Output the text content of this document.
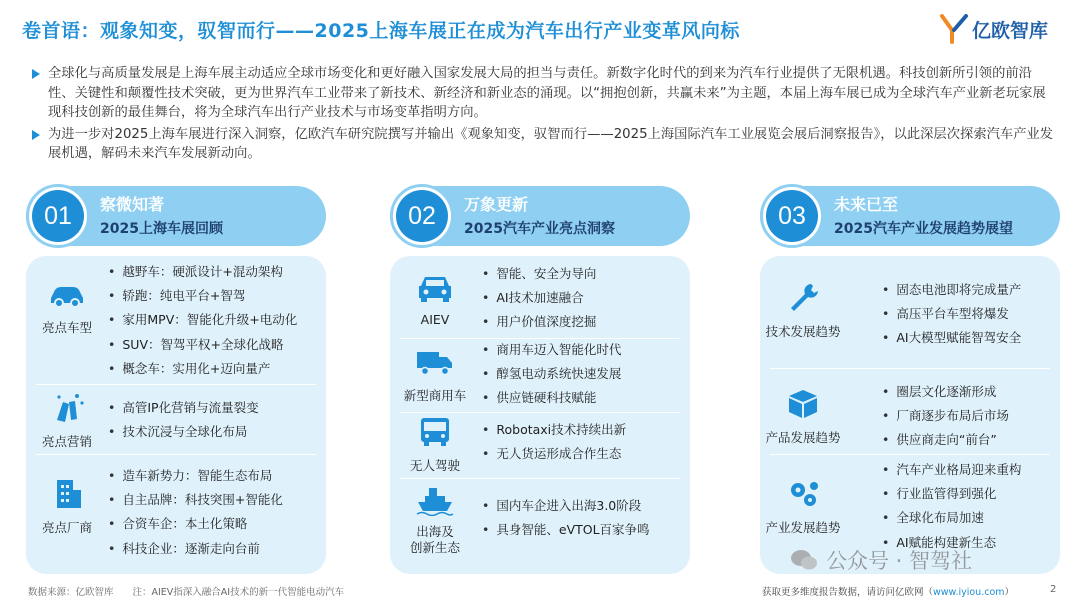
卷首语：观象知变，驭智而行——2025上海车展正在成为汽车出行产业变革风向标	亿欧智库

全球化与高质量发展是上海车展主动适应全球市场变化和更好融入国家发展大局的担当与责任。新数字化时代的到来为汽车行业提供了无限机遇。科技创新所引领的前沿性、关键性和颠覆性技术突破，更为世界汽车工业带来了新技术、新经济和新业态的涌现。以“拥抱创新，共赢未来”为主题，本届上海车展已成为全球汽车产业新老玩家展现科技创新的最佳舞台，将为全球汽车出行产业技术与市场变革指明方向。

为进一步对2025上海车展进行深入洞察，亿欧汽车研究院撰写并输出《观象知变，驭智而行——2025上海国际汽车工业展览会展后洞察报告》，以此深层次探索汽车产业发展机遇，解码未来汽车发展新动向。

01	察微知著
2025上海车展回顾
亮点车型
• 越野车：硬派设计+混动架构
• 轿跑：纯电平台+智驾
• 家用MPV：智能化升级+电动化
• SUV：智驾平权+全球化战略
• 概念车：实用化+迈向量产
亮点营销
• 高管IP化营销与流量裂变
• 技术沉浸与全球化布局
亮点厂商
• 造车新势力：智能生态布局
• 自主品牌：科技突围+智能化
• 合资车企：本土化策略
• 科技企业：逐渐走向台前
02	万象更新
2025汽车产业亮点洞察
AIEV
• 智能、安全为导向
• AI技术加速融合
• 用户价值深度挖掘
新型商用车
• 商用车迈入智能化时代
• 醇氢电动系统快速发展
• 供应链硬科技赋能
无人驾驶
• Robotaxi技术持续出新
• 无人货运形成合作生态
出海及
创新生态
• 国内车企进入出海3.0阶段
• 具身智能、eVTOL百家争鸣
03	未来已至
2025汽车产业发展趋势展望
技术发展趋势
• 固态电池即将完成量产
• 高压平台车型将爆发
• AI大模型赋能智驾安全
产品发展趋势
• 圈层文化逐渐形成
• 厂商逐步布局后市场
• 供应商走向“前台”
产业发展趋势
• 汽车产业格局迎来重构
• 行业监管得到强化
• 全球化布局加速
• AI赋能构建新生态
公众号 · 智驾社
数据来源：亿欧智库　　注：AIEV指深入融合AI技术的新一代智能电动汽车	获取更多维度报告数据，请访问亿欧网（www.iyiou.com）	2
